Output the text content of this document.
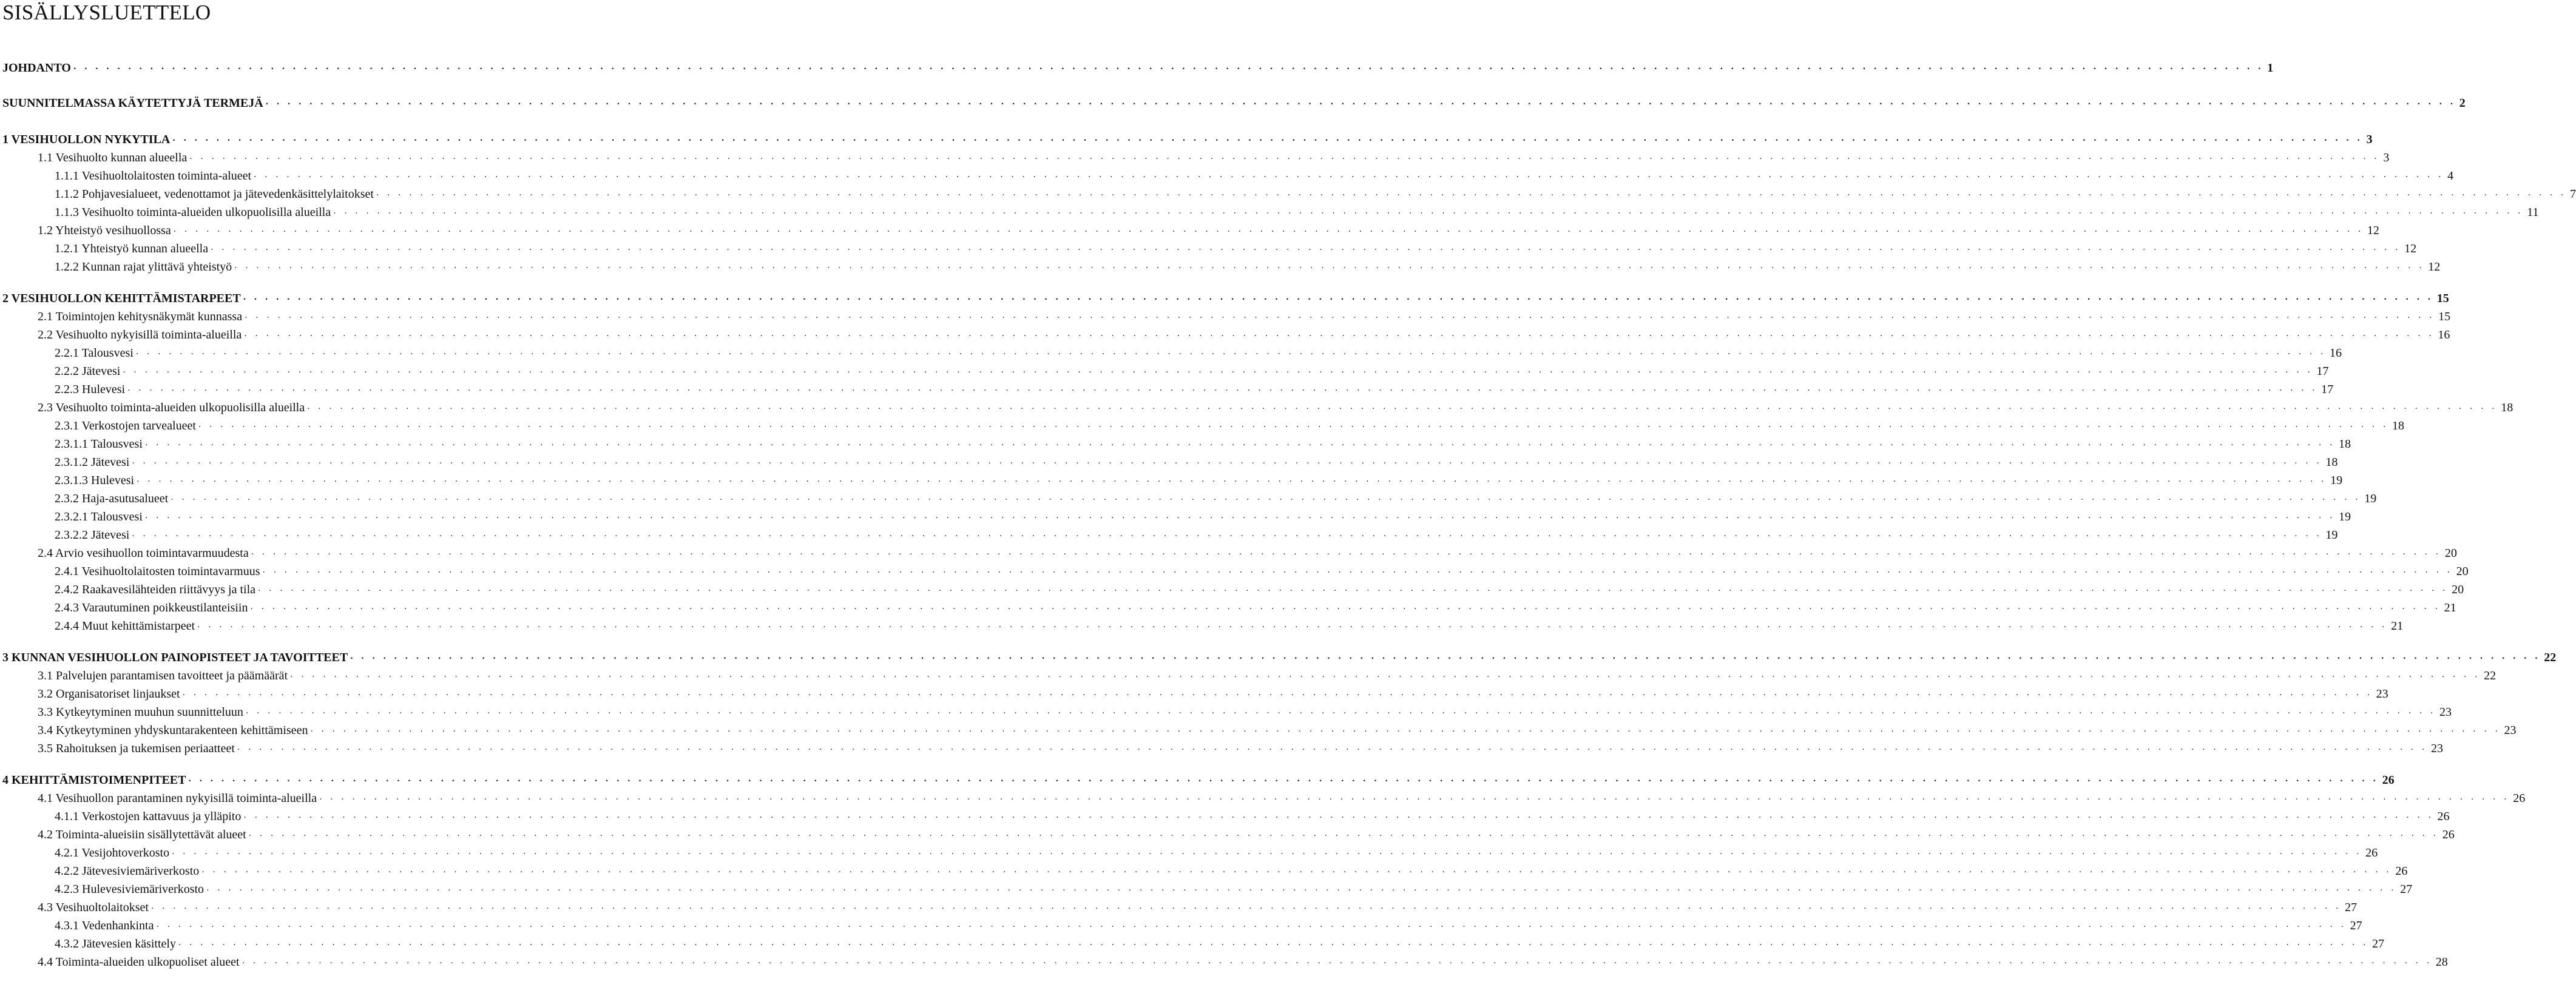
SISÄLLYSLUETTELO
JOHDANTO . . . . . . . . . . . . . . . . . . . . . . . . . . . . . . . . . . . . . . . . . . . . . . . . . . . . . . . . . . . . . . . . . . . . . . . . . . . . . . . . . . . . . . . . . . . . . . . . . . . . . . . . . . . . . . . . . . . . . . . . . . . . . . . . . . . . . . . . . . . . . . . . . . . . . . . . . . . . . . . . . . . . . . . . . . . . . . . . . . . . . . . . . . . . . . . . . . . . . . . . 1
SUUNNITELMASSA KÄYTETTYJÄ TERMEJÄ . . . . . . . . . . . . . . . . . . . . . . . . . . . . . . . . . . . . . . . . . . . . . . . . . . . . . . . . . . . . . . . . . . . . . . . . . . . . . . . . . . . . . . . . . . . . . . . . . . . . . . . . . . . . . . . . . . . . . . . . . . . . . . . . . . . . . . . . . . . . . . . . . . . . . . . . . . . . . . . . . . . . . . . . . . . . . . . . . . . . . . . . . . . . . . . . . . . . . . . . 2
1 VESIHUOLLON NYKYTILA . . . . . . . . . . . . . . . . . . . . . . . . . . . . . . . . . . . . . . . . . . . . . . . . . . . . . . . . . . . . . . . . . . . . . . . . . . . . . . . . . . . . . . . . . . . . . . . . . . . . . . . . . . . . . . . . . . . . . . . . . . . . . . . . . . . . . . . . . . . . . . . . . . . . . . . . . . . . . . . . . . . . . . . . . . . . . . . . . . . . . . . . . . . . . . . . . . . . . . . . 3
1.1 Vesihuolto kunnan alueella . . . . . . . . . . . . . . . . . . . . . . . . . . . . . . . . . . . . . . . . . . . . . . . . . . . . . . . . . . . . . . . . . . . . . . . . . . . . . . . . . . . . . . . . . . . . . . . . . . . . . . . . . . . . . . . . . . . . . . . . . . . . . . . . . . . . . . . . . . . . . . . . . . . . . . . . . . . . . . . . . . . . . . . . . . . . . . . . . . . . . . . . . . . . . . . . . . . . . . . . 3
1.1.1 Vesihuoltolaitosten toiminta-alueet . . . . . . . . . . . . . . . . . . . . . . . . . . . . . . . . . . . . . . . . . . . . . . . . . . . . . . . . . . . . . . . . . . . . . . . . . . . . . . . . . . . . . . . . . . . . . . . . . . . . . . . . . . . . . . . . . . . . . . . . . . . . . . . . . . . . . . . . . . . . . . . . . . . . . . . . . . . . . . . . . . . . . . . . . . . . . . . . . . . . . . . . . . . . . . . . . . . . . . . . 4
1.1.2 Pohjavesialueet, vedenottamot ja jätevedenkäsittelylaitokset . . . . . . . . . . . . . . . . . . . . . . . . . . . . . . . . . . . . . . . . . . . . . . . . . . . . . . . . . . . . . . . . . . . . . . . . . . . . . . . . . . . . . . . . . . . . . . . . . . . . . . . . . . . . . . . . . . . . . . . . . . . . . . . . . . . . . . . . . . . . . . . . . . . . . . . . . . . . . . . . . . . . . . . . . . . . . . . . . . . . . . . . . . . . . . . . . . . . . . . . 7
1.1.3 Vesihuolto toiminta-alueiden ulkopuolisilla alueilla . . . . . . . . . . . . . . . . . . . . . . . . . . . . . . . . . . . . . . . . . . . . . . . . . . . . . . . . . . . . . . . . . . . . . . . . . . . . . . . . . . . . . . . . . . . . . . . . . . . . . . . . . . . . . . . . . . . . . . . . . . . . . . . . . . . . . . . . . . . . . . . . . . . . . . . . . . . . . . . . . . . . . . . . . . . . . . . . . . . . . . . . . . . . . . . . . . . . . . . . 11
1.2 Yhteistyö vesihuollossa . . . . . . . . . . . . . . . . . . . . . . . . . . . . . . . . . . . . . . . . . . . . . . . . . . . . . . . . . . . . . . . . . . . . . . . . . . . . . . . . . . . . . . . . . . . . . . . . . . . . . . . . . . . . . . . . . . . . . . . . . . . . . . . . . . . . . . . . . . . . . . . . . . . . . . . . . . . . . . . . . . . . . . . . . . . . . . . . . . . . . . . . . . . . . . . . . . . . . . . . 12
1.2.1 Yhteistyö kunnan alueella . . . . . . . . . . . . . . . . . . . . . . . . . . . . . . . . . . . . . . . . . . . . . . . . . . . . . . . . . . . . . . . . . . . . . . . . . . . . . . . . . . . . . . . . . . . . . . . . . . . . . . . . . . . . . . . . . . . . . . . . . . . . . . . . . . . . . . . . . . . . . . . . . . . . . . . . . . . . . . . . . . . . . . . . . . . . . . . . . . . . . . . . . . . . . . . . . . . . . . . . 12
1.2.2 Kunnan rajat ylittävä yhteistyö . . . . . . . . . . . . . . . . . . . . . . . . . . . . . . . . . . . . . . . . . . . . . . . . . . . . . . . . . . . . . . . . . . . . . . . . . . . . . . . . . . . . . . . . . . . . . . . . . . . . . . . . . . . . . . . . . . . . . . . . . . . . . . . . . . . . . . . . . . . . . . . . . . . . . . . . . . . . . . . . . . . . . . . . . . . . . . . . . . . . . . . . . . . . . . . . . . . . . . . . 12
2 VESIHUOLLON KEHITTÄMISTARPEET . . . . . . . . . . . . . . . . . . . . . . . . . . . . . . . . . . . . . . . . . . . . . . . . . . . . . . . . . . . . . . . . . . . . . . . . . . . . . . . . . . . . . . . . . . . . . . . . . . . . . . . . . . . . . . . . . . . . . . . . . . . . . . . . . . . . . . . . . . . . . . . . . . . . . . . . . . . . . . . . . . . . . . . . . . . . . . . . . . . . . . . . . . . . . . . . . . . . . . . . 15
2.1 Toimintojen kehitysnäkymät kunnassa . . . . . . . . . . . . . . . . . . . . . . . . . . . . . . . . . . . . . . . . . . . . . . . . . . . . . . . . . . . . . . . . . . . . . . . . . . . . . . . . . . . . . . . . . . . . . . . . . . . . . . . . . . . . . . . . . . . . . . . . . . . . . . . . . . . . . . . . . . . . . . . . . . . . . . . . . . . . . . . . . . . . . . . . . . . . . . . . . . . . . . . . . . . . . . . . . . . . . . . . 15
2.2 Vesihuolto nykyisillä toiminta-alueilla . . . . . . . . . . . . . . . . . . . . . . . . . . . . . . . . . . . . . . . . . . . . . . . . . . . . . . . . . . . . . . . . . . . . . . . . . . . . . . . . . . . . . . . . . . . . . . . . . . . . . . . . . . . . . . . . . . . . . . . . . . . . . . . . . . . . . . . . . . . . . . . . . . . . . . . . . . . . . . . . . . . . . . . . . . . . . . . . . . . . . . . . . . . . . . . . . . . . . . . . 16
2.2.1 Talousvesi . . . . . . . . . . . . . . . . . . . . . . . . . . . . . . . . . . . . . . . . . . . . . . . . . . . . . . . . . . . . . . . . . . . . . . . . . . . . . . . . . . . . . . . . . . . . . . . . . . . . . . . . . . . . . . . . . . . . . . . . . . . . . . . . . . . . . . . . . . . . . . . . . . . . . . . . . . . . . . . . . . . . . . . . . . . . . . . . . . . . . . . . . . . . . . . . . . . . . . . . 16
2.2.2 Jätevesi . . . . . . . . . . . . . . . . . . . . . . . . . . . . . . . . . . . . . . . . . . . . . . . . . . . . . . . . . . . . . . . . . . . . . . . . . . . . . . . . . . . . . . . . . . . . . . . . . . . . . . . . . . . . . . . . . . . . . . . . . . . . . . . . . . . . . . . . . . . . . . . . . . . . . . . . . . . . . . . . . . . . . . . . . . . . . . . . . . . . . . . . . . . . . . . . . . . . . . . . 17
2.2.3 Hulevesi . . . . . . . . . . . . . . . . . . . . . . . . . . . . . . . . . . . . . . . . . . . . . . . . . . . . . . . . . . . . . . . . . . . . . . . . . . . . . . . . . . . . . . . . . . . . . . . . . . . . . . . . . . . . . . . . . . . . . . . . . . . . . . . . . . . . . . . . . . . . . . . . . . . . . . . . . . . . . . . . . . . . . . . . . . . . . . . . . . . . . . . . . . . . . . . . . . . . . . . . 17
2.3 Vesihuolto toiminta-alueiden ulkopuolisilla alueilla . . . . . . . . . . . . . . . . . . . . . . . . . . . . . . . . . . . . . . . . . . . . . . . . . . . . . . . . . . . . . . . . . . . . . . . . . . . . . . . . . . . . . . . . . . . . . . . . . . . . . . . . . . . . . . . . . . . . . . . . . . . . . . . . . . . . . . . . . . . . . . . . . . . . . . . . . . . . . . . . . . . . . . . . . . . . . . . . . . . . . . . . . . . . . . . . . . . . . . . . 18
2.3.1 Verkostojen tarvealueet . . . . . . . . . . . . . . . . . . . . . . . . . . . . . . . . . . . . . . . . . . . . . . . . . . . . . . . . . . . . . . . . . . . . . . . . . . . . . . . . . . . . . . . . . . . . . . . . . . . . . . . . . . . . . . . . . . . . . . . . . . . . . . . . . . . . . . . . . . . . . . . . . . . . . . . . . . . . . . . . . . . . . . . . . . . . . . . . . . . . . . . . . . . . . . . . . . . . . . . . 18
2.3.1.1 Talousvesi . . . . . . . . . . . . . . . . . . . . . . . . . . . . . . . . . . . . . . . . . . . . . . . . . . . . . . . . . . . . . . . . . . . . . . . . . . . . . . . . . . . . . . . . . . . . . . . . . . . . . . . . . . . . . . . . . . . . . . . . . . . . . . . . . . . . . . . . . . . . . . . . . . . . . . . . . . . . . . . . . . . . . . . . . . . . . . . . . . . . . . . . . . . . . . . . . . . . . . . . 18
2.3.1.2 Jätevesi . . . . . . . . . . . . . . . . . . . . . . . . . . . . . . . . . . . . . . . . . . . . . . . . . . . . . . . . . . . . . . . . . . . . . . . . . . . . . . . . . . . . . . . . . . . . . . . . . . . . . . . . . . . . . . . . . . . . . . . . . . . . . . . . . . . . . . . . . . . . . . . . . . . . . . . . . . . . . . . . . . . . . . . . . . . . . . . . . . . . . . . . . . . . . . . . . . . . . . . . 18
2.3.1.3 Hulevesi . . . . . . . . . . . . . . . . . . . . . . . . . . . . . . . . . . . . . . . . . . . . . . . . . . . . . . . . . . . . . . . . . . . . . . . . . . . . . . . . . . . . . . . . . . . . . . . . . . . . . . . . . . . . . . . . . . . . . . . . . . . . . . . . . . . . . . . . . . . . . . . . . . . . . . . . . . . . . . . . . . . . . . . . . . . . . . . . . . . . . . . . . . . . . . . . . . . . . . . . 19
2.3.2 Haja-asutusalueet . . . . . . . . . . . . . . . . . . . . . . . . . . . . . . . . . . . . . . . . . . . . . . . . . . . . . . . . . . . . . . . . . . . . . . . . . . . . . . . . . . . . . . . . . . . . . . . . . . . . . . . . . . . . . . . . . . . . . . . . . . . . . . . . . . . . . . . . . . . . . . . . . . . . . . . . . . . . . . . . . . . . . . . . . . . . . . . . . . . . . . . . . . . . . . . . . . . . . . . . 19
2.3.2.1 Talousvesi . . . . . . . . . . . . . . . . . . . . . . . . . . . . . . . . . . . . . . . . . . . . . . . . . . . . . . . . . . . . . . . . . . . . . . . . . . . . . . . . . . . . . . . . . . . . . . . . . . . . . . . . . . . . . . . . . . . . . . . . . . . . . . . . . . . . . . . . . . . . . . . . . . . . . . . . . . . . . . . . . . . . . . . . . . . . . . . . . . . . . . . . . . . . . . . . . . . . . . . . 19
2.3.2.2 Jätevesi . . . . . . . . . . . . . . . . . . . . . . . . . . . . . . . . . . . . . . . . . . . . . . . . . . . . . . . . . . . . . . . . . . . . . . . . . . . . . . . . . . . . . . . . . . . . . . . . . . . . . . . . . . . . . . . . . . . . . . . . . . . . . . . . . . . . . . . . . . . . . . . . . . . . . . . . . . . . . . . . . . . . . . . . . . . . . . . . . . . . . . . . . . . . . . . . . . . . . . . . 19
2.4 Arvio vesihuollon toimintavarmuudesta . . . . . . . . . . . . . . . . . . . . . . . . . . . . . . . . . . . . . . . . . . . . . . . . . . . . . . . . . . . . . . . . . . . . . . . . . . . . . . . . . . . . . . . . . . . . . . . . . . . . . . . . . . . . . . . . . . . . . . . . . . . . . . . . . . . . . . . . . . . . . . . . . . . . . . . . . . . . . . . . . . . . . . . . . . . . . . . . . . . . . . . . . . . . . . . . . . . . . . . . 20
2.4.1 Vesihuoltolaitosten toimintavarmuus . . . . . . . . . . . . . . . . . . . . . . . . . . . . . . . . . . . . . . . . . . . . . . . . . . . . . . . . . . . . . . . . . . . . . . . . . . . . . . . . . . . . . . . . . . . . . . . . . . . . . . . . . . . . . . . . . . . . . . . . . . . . . . . . . . . . . . . . . . . . . . . . . . . . . . . . . . . . . . . . . . . . . . . . . . . . . . . . . . . . . . . . . . . . . . . . . . . . . . . . 20
2.4.2 Raakavesilähteiden riittävyys ja tila . . . . . . . . . . . . . . . . . . . . . . . . . . . . . . . . . . . . . . . . . . . . . . . . . . . . . . . . . . . . . . . . . . . . . . . . . . . . . . . . . . . . . . . . . . . . . . . . . . . . . . . . . . . . . . . . . . . . . . . . . . . . . . . . . . . . . . . . . . . . . . . . . . . . . . . . . . . . . . . . . . . . . . . . . . . . . . . . . . . . . . . . . . . . . . . . . . . . . . . . 20
2.4.3 Varautuminen poikkeustilanteisiin . . . . . . . . . . . . . . . . . . . . . . . . . . . . . . . . . . . . . . . . . . . . . . . . . . . . . . . . . . . . . . . . . . . . . . . . . . . . . . . . . . . . . . . . . . . . . . . . . . . . . . . . . . . . . . . . . . . . . . . . . . . . . . . . . . . . . . . . . . . . . . . . . . . . . . . . . . . . . . . . . . . . . . . . . . . . . . . . . . . . . . . . . . . . . . . . . . . . . . . . 21
2.4.4 Muut kehittämistarpeet . . . . . . . . . . . . . . . . . . . . . . . . . . . . . . . . . . . . . . . . . . . . . . . . . . . . . . . . . . . . . . . . . . . . . . . . . . . . . . . . . . . . . . . . . . . . . . . . . . . . . . . . . . . . . . . . . . . . . . . . . . . . . . . . . . . . . . . . . . . . . . . . . . . . . . . . . . . . . . . . . . . . . . . . . . . . . . . . . . . . . . . . . . . . . . . . . . . . . . . . 21
3 KUNNAN VESIHUOLLON PAINOPISTEET JA TAVOITTEET . . . . . . . . . . . . . . . . . . . . . . . . . . . . . . . . . . . . . . . . . . . . . . . . . . . . . . . . . . . . . . . . . . . . . . . . . . . . . . . . . . . . . . . . . . . . . . . . . . . . . . . . . . . . . . . . . . . . . . . . . . . . . . . . . . . . . . . . . . . . . . . . . . . . . . . . . . . . . . . . . . . . . . . . . . . . . . . . . . . . . . . . . . . . . . . . . . . . . . . . 22
3.1 Palvelujen parantamisen tavoitteet ja päämäärät . . . . . . . . . . . . . . . . . . . . . . . . . . . . . . . . . . . . . . . . . . . . . . . . . . . . . . . . . . . . . . . . . . . . . . . . . . . . . . . . . . . . . . . . . . . . . . . . . . . . . . . . . . . . . . . . . . . . . . . . . . . . . . . . . . . . . . . . . . . . . . . . . . . . . . . . . . . . . . . . . . . . . . . . . . . . . . . . . . . . . . . . . . . . . . . . . . . . . . . . 22
3.2 Organisatoriset linjaukset . . . . . . . . . . . . . . . . . . . . . . . . . . . . . . . . . . . . . . . . . . . . . . . . . . . . . . . . . . . . . . . . . . . . . . . . . . . . . . . . . . . . . . . . . . . . . . . . . . . . . . . . . . . . . . . . . . . . . . . . . . . . . . . . . . . . . . . . . . . . . . . . . . . . . . . . . . . . . . . . . . . . . . . . . . . . . . . . . . . . . . . . . . . . . . . . . . . . . . . . 23
3.3 Kytkeytyminen muuhun suunnitteluun . . . . . . . . . . . . . . . . . . . . . . . . . . . . . . . . . . . . . . . . . . . . . . . . . . . . . . . . . . . . . . . . . . . . . . . . . . . . . . . . . . . . . . . . . . . . . . . . . . . . . . . . . . . . . . . . . . . . . . . . . . . . . . . . . . . . . . . . . . . . . . . . . . . . . . . . . . . . . . . . . . . . . . . . . . . . . . . . . . . . . . . . . . . . . . . . . . . . . . . . 23
3.4 Kytkeytyminen yhdyskuntarakenteen kehittämiseen . . . . . . . . . . . . . . . . . . . . . . . . . . . . . . . . . . . . . . . . . . . . . . . . . . . . . . . . . . . . . . . . . . . . . . . . . . . . . . . . . . . . . . . . . . . . . . . . . . . . . . . . . . . . . . . . . . . . . . . . . . . . . . . . . . . . . . . . . . . . . . . . . . . . . . . . . . . . . . . . . . . . . . . . . . . . . . . . . . . . . . . . . . . . . . . . . . . . . . . . 23
3.5 Rahoituksen ja tukemisen periaatteet . . . . . . . . . . . . . . . . . . . . . . . . . . . . . . . . . . . . . . . . . . . . . . . . . . . . . . . . . . . . . . . . . . . . . . . . . . . . . . . . . . . . . . . . . . . . . . . . . . . . . . . . . . . . . . . . . . . . . . . . . . . . . . . . . . . . . . . . . . . . . . . . . . . . . . . . . . . . . . . . . . . . . . . . . . . . . . . . . . . . . . . . . . . . . . . . . . . . . . . . 23
4 KEHITTÄMISTOIMENPITEET . . . . . . . . . . . . . . . . . . . . . . . . . . . . . . . . . . . . . . . . . . . . . . . . . . . . . . . . . . . . . . . . . . . . . . . . . . . . . . . . . . . . . . . . . . . . . . . . . . . . . . . . . . . . . . . . . . . . . . . . . . . . . . . . . . . . . . . . . . . . . . . . . . . . . . . . . . . . . . . . . . . . . . . . . . . . . . . . . . . . . . . . . . . . . . . . . . . . . . . . 26
4.1 Vesihuollon parantaminen nykyisillä toiminta-alueilla . . . . . . . . . . . . . . . . . . . . . . . . . . . . . . . . . . . . . . . . . . . . . . . . . . . . . . . . . . . . . . . . . . . . . . . . . . . . . . . . . . . . . . . . . . . . . . . . . . . . . . . . . . . . . . . . . . . . . . . . . . . . . . . . . . . . . . . . . . . . . . . . . . . . . . . . . . . . . . . . . . . . . . . . . . . . . . . . . . . . . . . . . . . . . . . . . . . . . . . . 26
4.1.1 Verkostojen kattavuus ja ylläpito . . . . . . . . . . . . . . . . . . . . . . . . . . . . . . . . . . . . . . . . . . . . . . . . . . . . . . . . . . . . . . . . . . . . . . . . . . . . . . . . . . . . . . . . . . . . . . . . . . . . . . . . . . . . . . . . . . . . . . . . . . . . . . . . . . . . . . . . . . . . . . . . . . . . . . . . . . . . . . . . . . . . . . . . . . . . . . . . . . . . . . . . . . . . . . . . . . . . . . . . 26
4.2 Toiminta-alueisiin sisällytettävät alueet . . . . . . . . . . . . . . . . . . . . . . . . . . . . . . . . . . . . . . . . . . . . . . . . . . . . . . . . . . . . . . . . . . . . . . . . . . . . . . . . . . . . . . . . . . . . . . . . . . . . . . . . . . . . . . . . . . . . . . . . . . . . . . . . . . . . . . . . . . . . . . . . . . . . . . . . . . . . . . . . . . . . . . . . . . . . . . . . . . . . . . . . . . . . . . . . . . . . . . . . 26
4.2.1 Vesijohtoverkosto . . . . . . . . . . . . . . . . . . . . . . . . . . . . . . . . . . . . . . . . . . . . . . . . . . . . . . . . . . . . . . . . . . . . . . . . . . . . . . . . . . . . . . . . . . . . . . . . . . . . . . . . . . . . . . . . . . . . . . . . . . . . . . . . . . . . . . . . . . . . . . . . . . . . . . . . . . . . . . . . . . . . . . . . . . . . . . . . . . . . . . . . . . . . . . . . . . . . . . . . 26
4.2.2 Jätevesiviemäriverkosto . . . . . . . . . . . . . . . . . . . . . . . . . . . . . . . . . . . . . . . . . . . . . . . . . . . . . . . . . . . . . . . . . . . . . . . . . . . . . . . . . . . . . . . . . . . . . . . . . . . . . . . . . . . . . . . . . . . . . . . . . . . . . . . . . . . . . . . . . . . . . . . . . . . . . . . . . . . . . . . . . . . . . . . . . . . . . . . . . . . . . . . . . . . . . . . . . . . . . . . . 26
4.2.3 Hulevesiviemäriverkosto . . . . . . . . . . . . . . . . . . . . . . . . . . . . . . . . . . . . . . . . . . . . . . . . . . . . . . . . . . . . . . . . . . . . . . . . . . . . . . . . . . . . . . . . . . . . . . . . . . . . . . . . . . . . . . . . . . . . . . . . . . . . . . . . . . . . . . . . . . . . . . . . . . . . . . . . . . . . . . . . . . . . . . . . . . . . . . . . . . . . . . . . . . . . . . . . . . . . . . . . 27
4.3 Vesihuoltolaitokset . . . . . . . . . . . . . . . . . . . . . . . . . . . . . . . . . . . . . . . . . . . . . . . . . . . . . . . . . . . . . . . . . . . . . . . . . . . . . . . . . . . . . . . . . . . . . . . . . . . . . . . . . . . . . . . . . . . . . . . . . . . . . . . . . . . . . . . . . . . . . . . . . . . . . . . . . . . . . . . . . . . . . . . . . . . . . . . . . . . . . . . . . . . . . . . . . . . . . . . . 27
4.3.1 Vedenhankinta . . . . . . . . . . . . . . . . . . . . . . . . . . . . . . . . . . . . . . . . . . . . . . . . . . . . . . . . . . . . . . . . . . . . . . . . . . . . . . . . . . . . . . . . . . . . . . . . . . . . . . . . . . . . . . . . . . . . . . . . . . . . . . . . . . . . . . . . . . . . . . . . . . . . . . . . . . . . . . . . . . . . . . . . . . . . . . . . . . . . . . . . . . . . . . . . . . . . . . . . 27
4.3.2 Jätevesien käsittely . . . . . . . . . . . . . . . . . . . . . . . . . . . . . . . . . . . . . . . . . . . . . . . . . . . . . . . . . . . . . . . . . . . . . . . . . . . . . . . . . . . . . . . . . . . . . . . . . . . . . . . . . . . . . . . . . . . . . . . . . . . . . . . . . . . . . . . . . . . . . . . . . . . . . . . . . . . . . . . . . . . . . . . . . . . . . . . . . . . . . . . . . . . . . . . . . . . . . . . . 27
4.4 Toiminta-alueiden ulkopuoliset alueet . . . . . . . . . . . . . . . . . . . . . . . . . . . . . . . . . . . . . . . . . . . . . . . . . . . . . . . . . . . . . . . . . . . . . . . . . . . . . . . . . . . . . . . . . . . . . . . . . . . . . . . . . . . . . . . . . . . . . . . . . . . . . . . . . . . . . . . . . . . . . . . . . . . . . . . . . . . . . . . . . . . . . . . . . . . . . . . . . . . . . . . . . . . . . . . . . . . . . . . . 28
